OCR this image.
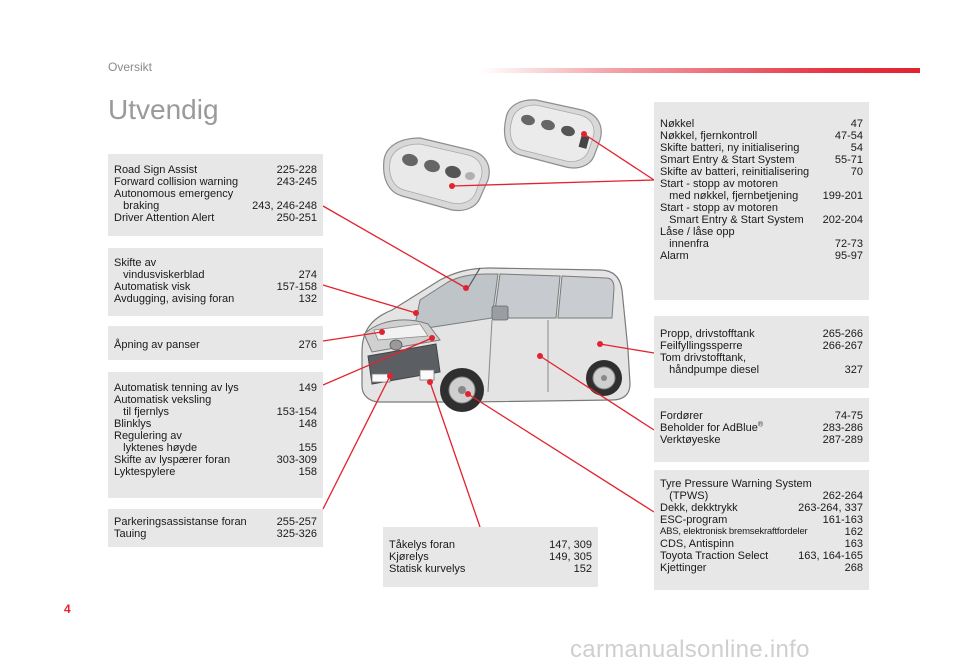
Oversikt
Utvendig
Road Sign Assist	225-228
Forward collision warning	243-245
Autonomous emergency
braking	243, 246-248
Driver Attention Alert	250-251
Skifte av
vindusviskerblad	274
Automatisk visk	157-158
Avdugging, avising foran	132
Åpning av panser	276
Automatisk tenning av lys	149
Automatisk veksling
til fjernlys	153-154
Blinklys	148
Regulering av
lyktenes høyde	155
Skifte av lyspærer foran	303-309
Lyktespylere	158
Parkeringsassistanse foran	255-257
Tauing	325-326
Tåkelys foran	147, 309
Kjørelys	149, 305
Statisk kurvelys	152
Nøkkel	47
Nøkkel, fjernkontroll	47-54
Skifte batteri, ny initialisering	54
Smart Entry & Start System	55-71
Skifte av batteri, reinitialisering	70
Start - stopp av motoren
med nøkkel, fjernbetjening 199-201
Start - stopp av motoren
Smart Entry & Start System 202-204
Låse / låse opp
innenfra	72-73
Alarm	95-97
Propp, drivstofftank	265-266
Feilfyllingssperre	266-267
Tom drivstofftank,
håndpumpe diesel	327
Fordører	74-75
Beholder for AdBlue®	283-286
Verktøyeske	287-289
Tyre Pressure Warning System
(TPWS)	262-264
Dekk, dekktrykk	263-264, 337
ESC-program	161-163
ABS, elektronisk bremsekraftfordeler	162
CDS, Antispinn	163
Toyota Traction Select	163, 164-165
Kjettinger	268
4
carmanualsonline.info
